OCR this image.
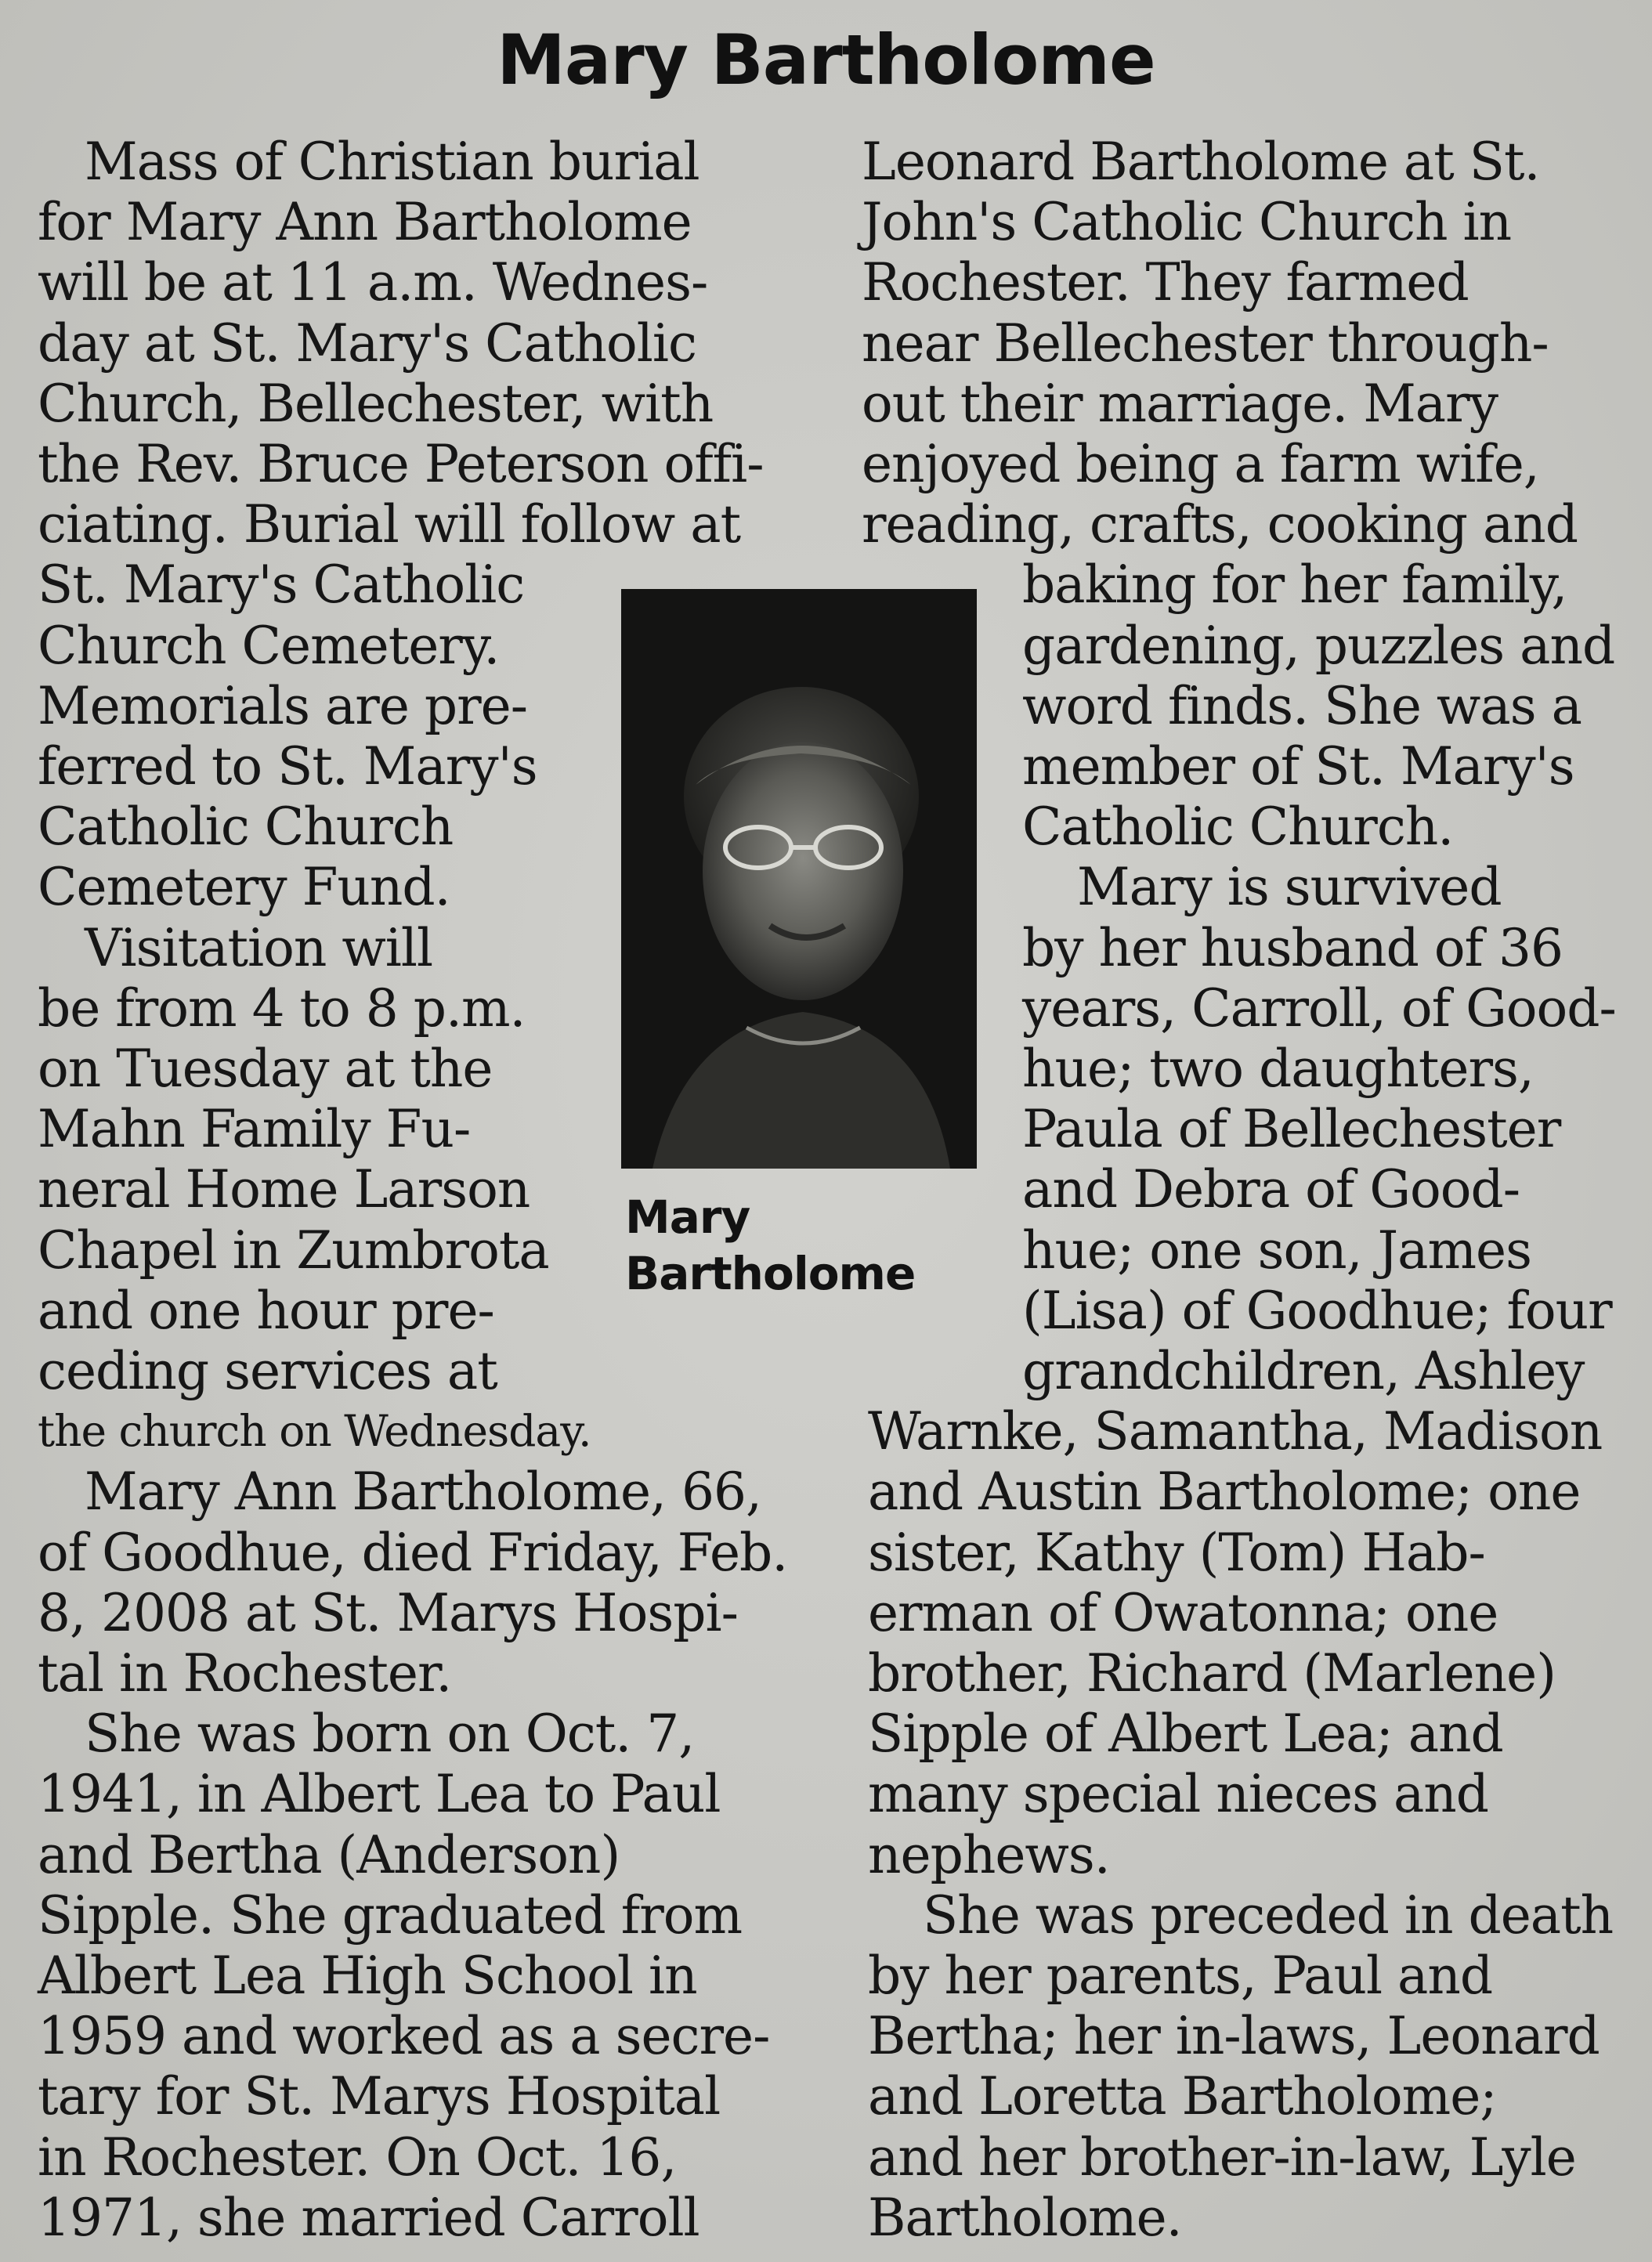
Mary Bartholome
Mass of Christian burial
for Mary Ann Bartholome
will be at 11 a.m. Wednes-
day at St. Mary's Catholic
Church, Bellechester, with
the Rev. Bruce Peterson offi-
ciating. Burial will follow at
St. Mary's Catholic
Church Cemetery.
Memorials are pre-
ferred to St. Mary's
Catholic Church
Cemetery Fund.
Visitation will
be from 4 to 8 p.m.
on Tuesday at the
Mahn Family Fu-
neral Home Larson
Chapel in Zumbrota
and one hour pre-
ceding services at
the church on Wednesday.
Mary Ann Bartholome, 66,
of Goodhue, died Friday, Feb.
8, 2008 at St. Marys Hospi-
tal in Rochester.
She was born on Oct. 7,
1941, in Albert Lea to Paul
and Bertha (Anderson)
Sipple. She graduated from
Albert Lea High School in
1959 and worked as a secre-
tary for St. Marys Hospital
in Rochester. On Oct. 16,
1971, she married Carroll
Leonard Bartholome at St.
John's Catholic Church in
Rochester. They farmed
near Bellechester through-
out their marriage. Mary
enjoyed being a farm wife,
reading, crafts, cooking and
baking for her family,
gardening, puzzles and
word finds. She was a
member of St. Mary's
Catholic Church.
Mary is survived
by her husband of 36
years, Carroll, of Good-
hue; two daughters,
Paula of Bellechester
and Debra of Good-
hue; one son, James
(Lisa) of Goodhue; four
grandchildren, Ashley
Warnke, Samantha, Madison
and Austin Bartholome; one
sister, Kathy (Tom) Hab-
erman of Owatonna; one
brother, Richard (Marlene)
Sipple of Albert Lea; and
many special nieces and
nephews.
She was preceded in death
by her parents, Paul and
Bertha; her in-laws, Leonard
and Loretta Bartholome;
and her brother-in-law, Lyle
Bartholome.
Mary
Bartholome
